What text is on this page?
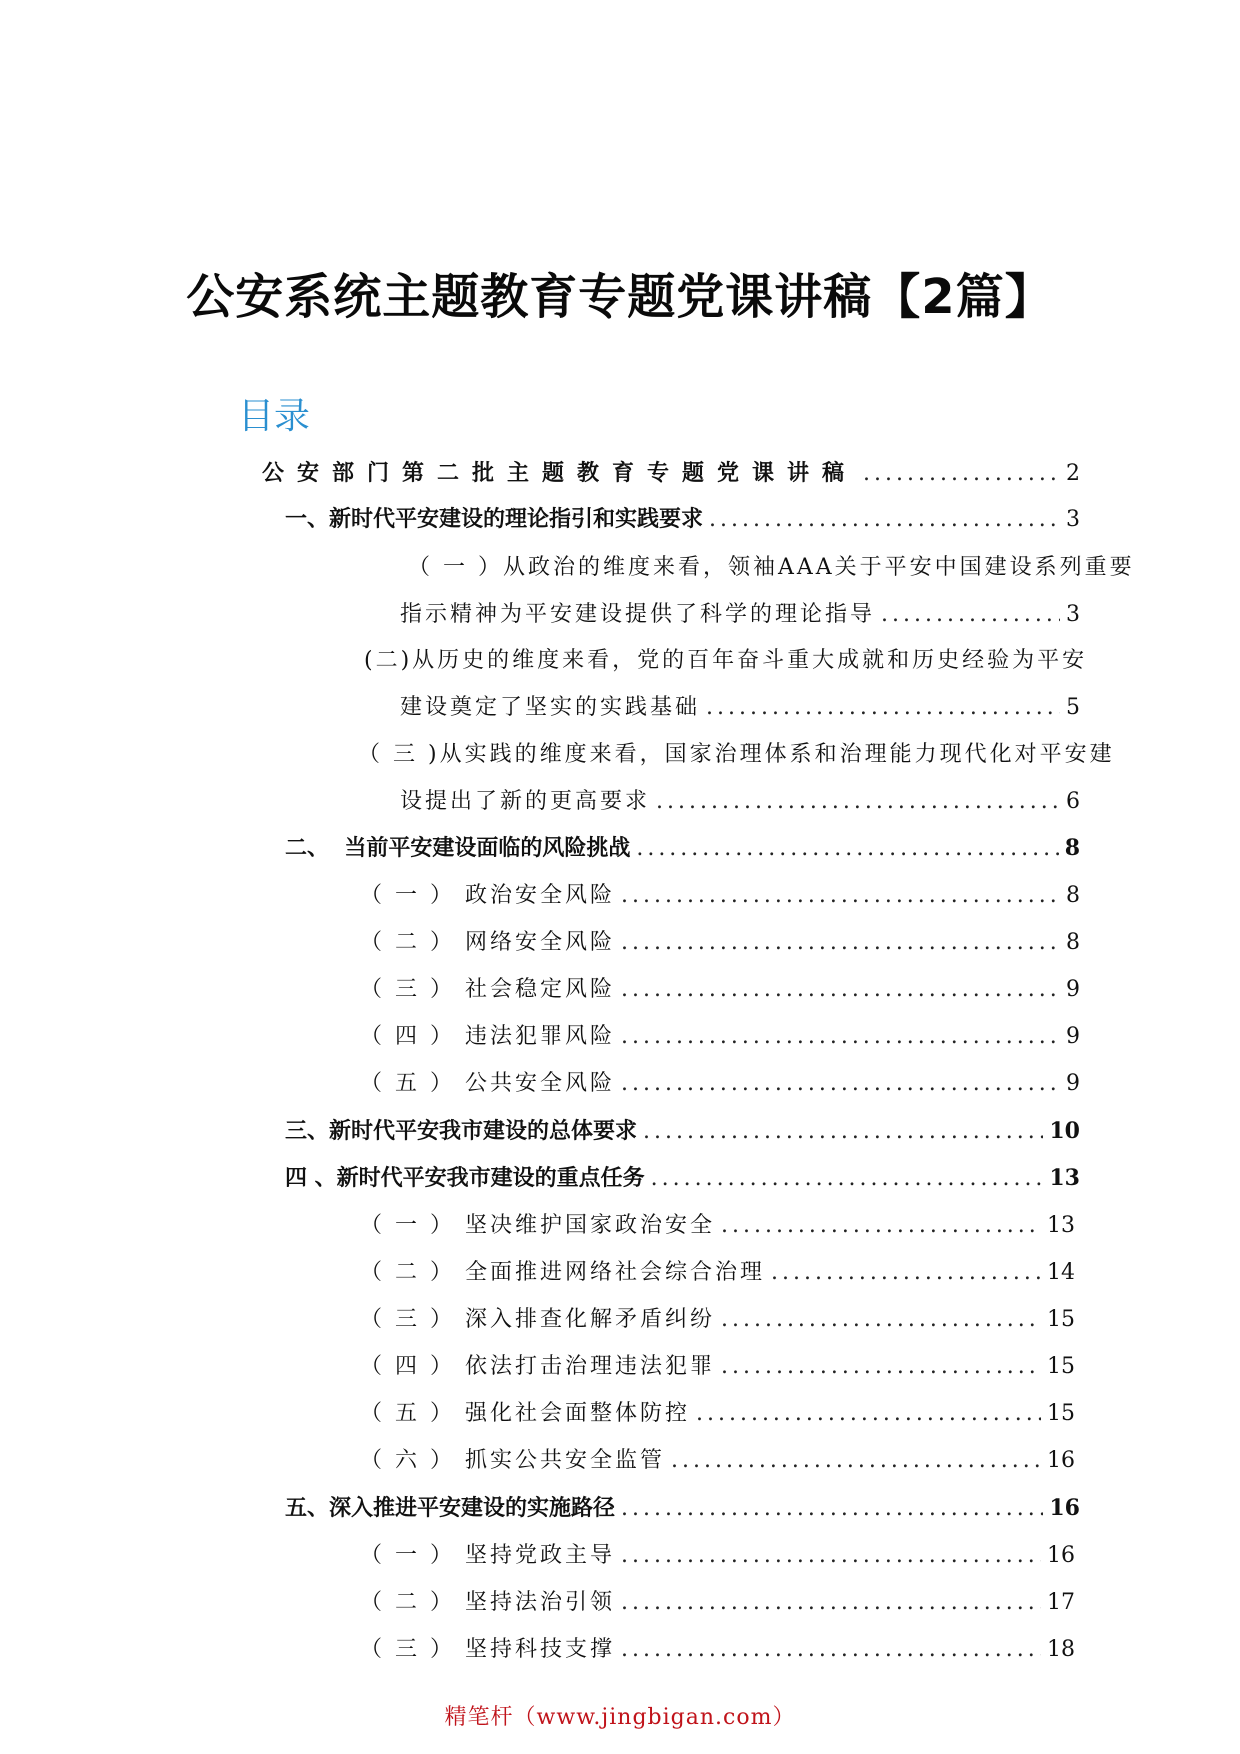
公安系统主题教育专题党课讲稿【2篇】
目录
公安部门第二批主题教育专题党课讲稿 .....	2
一、新时代平安建设的理论指引和实践要求 .....	3
（ 一 ）从政治的维度来看，领袖AAA关于平安中国建设系列重要
指示精神为平安建设提供了科学的理论指导 .....	3
(二)从历史的维度来看，党的百年奋斗重大成就和历史经验为平安
建设奠定了坚实的实践基础 .....	5
（ 三 )从实践的维度来看，国家治理体系和治理能力现代化对平安建
设提出了新的更高要求 .....	6
二、  当前平安建设面临的风险挑战 .....	8
（ 一 ） 政治安全风险 .....	8
（ 二 ） 网络安全风险 .....	8
（ 三 ） 社会稳定风险 .....	9
（ 四 ） 违法犯罪风险 .....	9
（ 五 ） 公共安全风险 .....	9
三、新时代平安我市建设的总体要求 .....	10
四 、新时代平安我市建设的重点任务 .....	13
（ 一 ） 坚决维护国家政治安全 .....	13
（ 二 ） 全面推进网络社会综合治理 .....	14
（ 三 ） 深入排查化解矛盾纠纷 .....	15
（ 四 ） 依法打击治理违法犯罪 .....	15
（ 五 ） 强化社会面整体防控 .....	15
（ 六 ） 抓实公共安全监管 .....	16
五、深入推进平安建设的实施路径 .....	16
（ 一 ） 坚持党政主导 .....	16
（ 二 ） 坚持法治引领 .....	17
（ 三 ） 坚持科技支撑 .....	18
精笔杆（www.jingbigan.com）
